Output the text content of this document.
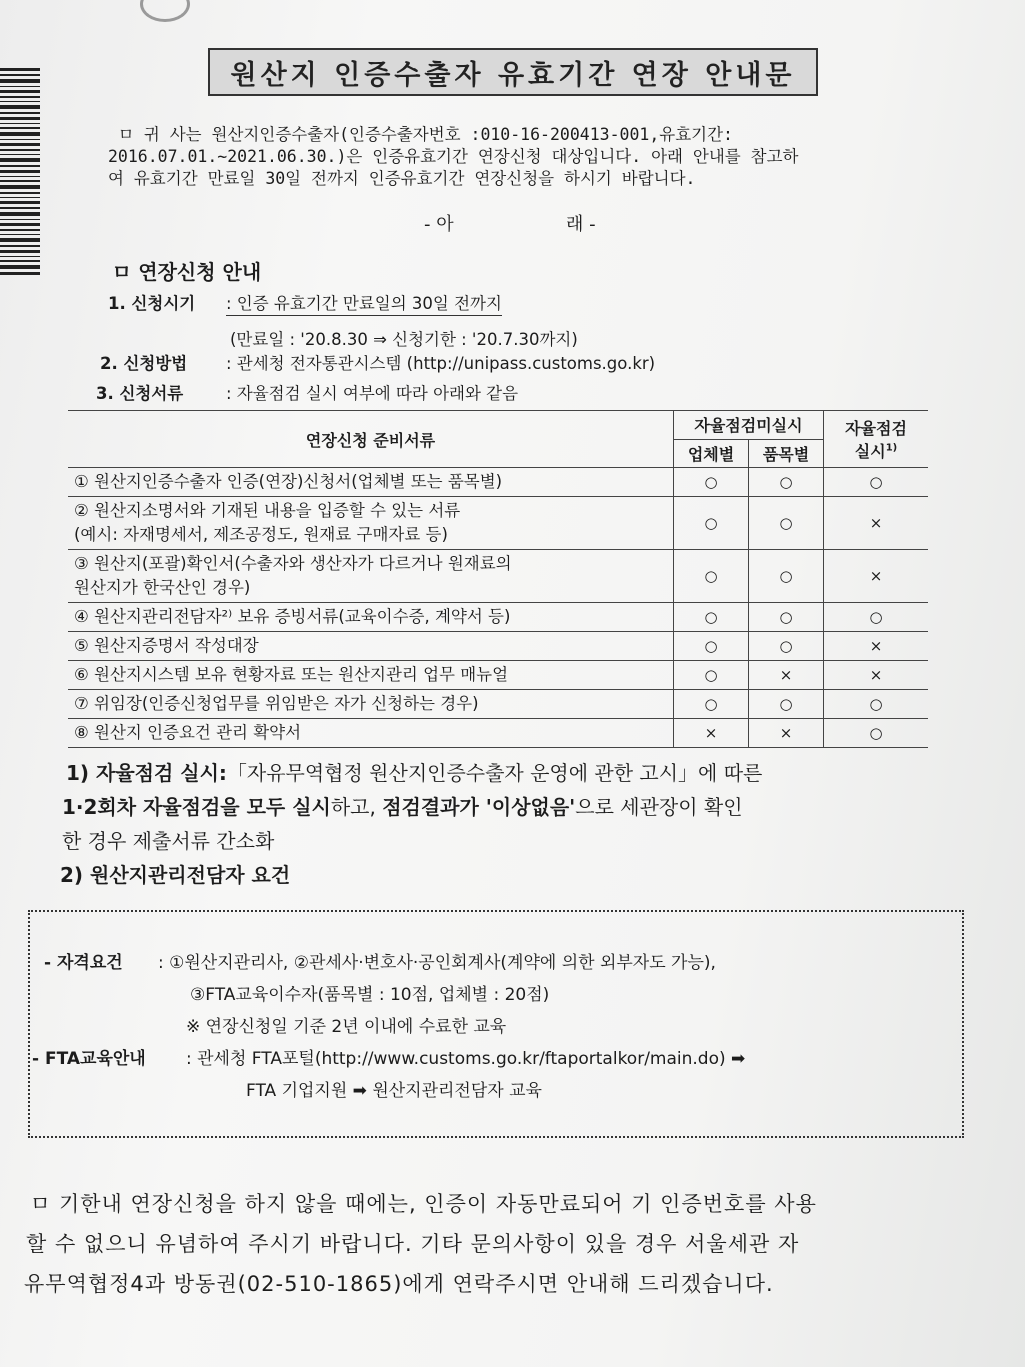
원산지 인증수출자 유효기간 연장 안내문
ㅁ 귀 사는 원산지인증수출자(인증수출자번호 :010-16-200413-001,유효기간:
2016.07.01.~2021.06.30.)은 인증유효기간 연장신청 대상입니다. 아래 안내를 참고하
여 유효기간 만료일 30일 전까지 인증유효기간 연장신청을 하시기 바랍니다.
- 아	래 -
ㅁ 연장신청 안내
1. 신청시기 : 인증 유효기간 만료일의 30일 전까지
(만료일 : '20.8.30 ⇒ 신청기한 : '20.7.30까지)
2. 신청방법 : 관세청 전자통관시스템 (http://unipass.customs.go.kr)
3. 신청서류	: 자율점검 실시 여부에 따라 아래와 같음
연장신청 준비서류	자율점검미실시		자율점검
실시$^{1)}$
	업체별	품목별	
① 원산지인증수출자 인증(연장)신청서(업체별 또는 품목별)	○	○	○
② 원산지소명서와 기재된 내용을 입증할 수 있는 서류
(예시: 자재명세서, 제조공정도, 원재료 구매자료 등)	○	○	×
③ 원산지(포괄)확인서(수출자와 생산자가 다르거나 원재료의
원산지가 한국산인 경우)	○	○	×
④ 원산지관리전담자²⁾ 보유 증빙서류(교육이수증, 계약서 등)	○	○	○
⑤ 원산지증명서 작성대장	○	○	×
⑥ 원산지시스템 보유 현황자료 또는 원산지관리 업무 매뉴얼	○	×	×
⑦ 위임장(인증신청업무를 위임받은 자가 신청하는 경우)	○	○	○
⑧ 원산지 인증요건 관리 확약서	×	×	○
1) 자율점검 실시:「자유무역협정 원산지인증수출자 운영에 관한 고시」에 따른
1·2회차 자율점검을 모두 실시하고, 점검결과가 '이상없음'으로 세관장이 확인
한 경우 제출서류 간소화
2) 원산지관리전담자 요건
- 자격요건 : ①원산지관리사, ②관세사·변호사·공인회계사(계약에 의한 외부자도 가능),
③FTA교육이수자(품목별 : 10점, 업체별 : 20점)
※ 연장신청일 기준 2년 이내에 수료한 교육
- FTA교육안내 : 관세청 FTA포털(http://www.customs.go.kr/ftaportalkor/main.do) ➡
FTA 기업지원 ➡ 원산지관리전담자 교육
ㅁ 기한내 연장신청을 하지 않을 때에는, 인증이 자동만료되어 기 인증번호를 사용
할 수 없으니 유념하여 주시기 바랍니다. 기타 문의사항이 있을 경우 서울세관 자
유무역협정4과 방동권(02-510-1865)에게 연락주시면 안내해 드리겠습니다.
